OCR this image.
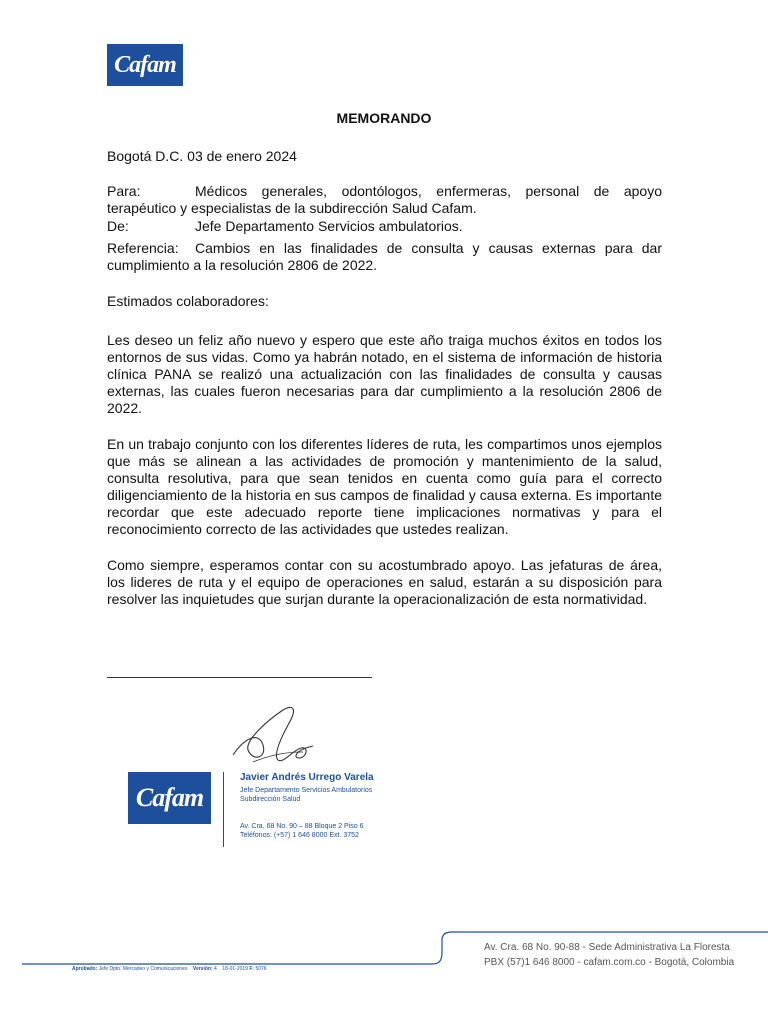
Cafam
MEMORANDO

Bogotá D.C. 03 de enero 2024

Para:	Médicos generales, odontólogos, enfermeras, personal de apoyo

terapéutico y especialistas de la subdirección Salud Cafam.

De:	Jefe Departamento Servicios ambulatorios.

Referencia: Cambios en las finalidades de consulta y causas externas para dar

cumplimiento a la resolución 2806 de 2022.

Estimados colaboradores:

Les deseo un feliz año nuevo y espero que este año traiga muchos éxitos en todos los entornos de sus vidas. Como ya habrán notado, en el sistema de información de historia clínica PANA se realizó una actualización con las finalidades de consulta y causas externas, las cuales fueron necesarias para dar cumplimiento a la resolución 2806 de 2022.

En un trabajo conjunto con los diferentes líderes de ruta, les compartimos unos ejemplos que más se alinean a las actividades de promoción y mantenimiento de la salud, consulta resolutiva, para que sean tenidos en cuenta como guía para el correcto diligenciamiento de la historia en sus campos de finalidad y causa externa. Es importante recordar que este adecuado reporte tiene implicaciones normativas y para el reconocimiento correcto de las actividades que ustedes realizan.

Como siempre, esperamos contar con su acostumbrado apoyo. Las jefaturas de área, los lideres de ruta y el equipo de operaciones en salud, estarán a su disposición para resolver las inquietudes que surjan durante la operacionalización de esta normatividad.

Cafam
Javier Andrés Urrego Varela
Jefe Departamento Servicios Ambulatorios
Subdirección Salud
Av. Cra. 68 No. 90 – 88 Bloque 2 Piso 6
Teléfonos: (+57) 1 646 8000 Ext. 3752
Av. Cra. 68 No. 90-88 - Sede Administrativa La Floresta
PBX (57)1 646 8000 - cafam.com.co - Bogotá, Colombia
Aprobado: Jefe Dpto. Mercadeo y Comunicaciones Versión: 4 18-01-2019 F: 5076
